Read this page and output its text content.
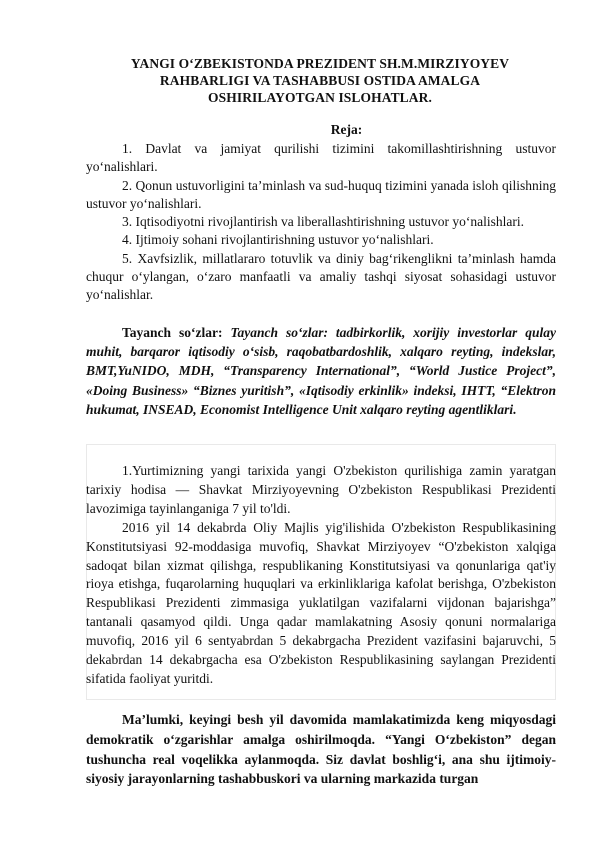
YANGI O‘ZBEKISTONDA PREZIDENT SH.M.MIRZIYOYEV RAHBARLIGI VA TASHABBUSI OSTIDA AMALGA OSHIRILAYOTGAN ISLOHATLAR.
Reja:

1. Davlat va jamiyat qurilishi tizimini takomillashtirishning ustuvor yo‘nalishlari.

2. Qonun ustuvorligini ta’minlash va sud-huquq tizimini yanada isloh qilishning ustuvor yo‘nalishlari.

3. Iqtisodiyotni rivojlantirish va liberallashtirishning ustuvor yo‘nalishlari.

4. Ijtimoiy sohani rivojlantirishning ustuvor yo‘nalishlari.

5. Xavfsizlik, millatlararo totuvlik va diniy bag‘rikenglikni ta’minlash hamda chuqur o‘ylangan, o‘zaro manfaatli va amaliy tashqi siyosat sohasidagi ustuvor yo‘nalishlar.

Tayanch so‘zlar: Tayanch so‘zlar: tadbirkorlik, xorijiy investorlar qulay muhit, barqaror iqtisodiy o‘sisb, raqobatbardoshlik, xalqaro reyting, indekslar, BMT,YuNIDO, MDH, “Transparency International”, “World Justice Project”, «Doing Business» “Biznes yuritish”, «Iqtisodiy erkinlik» indeksi, IHTT, “Elektron hukumat, INSEAD, Economist Intelligence Unit xalqaro reyting agentliklari.

1.Yurtimizning yangi tarixida yangi O'zbekiston qurilishiga zamin yaratgan tarixiy hodisa — Shavkat Mirziyoyevning O'zbekiston Respublikasi Prezidenti lavozimiga tayinlanganiga 7 yil to'ldi.

2016 yil 14 dekabrda Oliy Majlis yig'ilishida O'zbekiston Respublikasining Konstitutsiyasi 92-moddasiga muvofiq, Shavkat Mirziyoyev “O'zbekiston xalqiga sadoqat bilan xizmat qilishga, respublikaning Konstitutsiyasi va qonunlariga qat'iy rioya etishga, fuqarolarning huquqlari va erkinliklariga kafolat berishga, O'zbekiston Respublikasi Prezidenti zimmasiga yuklatilgan vazifalarni vijdonan bajarishga” tantanali qasamyod qildi. Unga qadar mamlakatning Asosiy qonuni normalariga muvofiq, 2016 yil 6 sentyabrdan 5 dekabrgacha Prezident vazifasini bajaruvchi, 5 dekabrdan 14 dekabrgacha esa O'zbekiston Respublikasining saylangan Prezidenti sifatida faoliyat yuritdi.

Ma’lumki, keyingi besh yil davomida mamlakatimizda keng miqyosdagi demokratik o‘zgarishlar amalga oshirilmoqda. “Yangi O‘zbekiston” degan tushuncha real voqelikka aylanmoqda. Siz davlat boshlig‘i, ana shu ijtimoiy-siyosiy jarayonlarning tashabbuskori va ularning markazida turgan
